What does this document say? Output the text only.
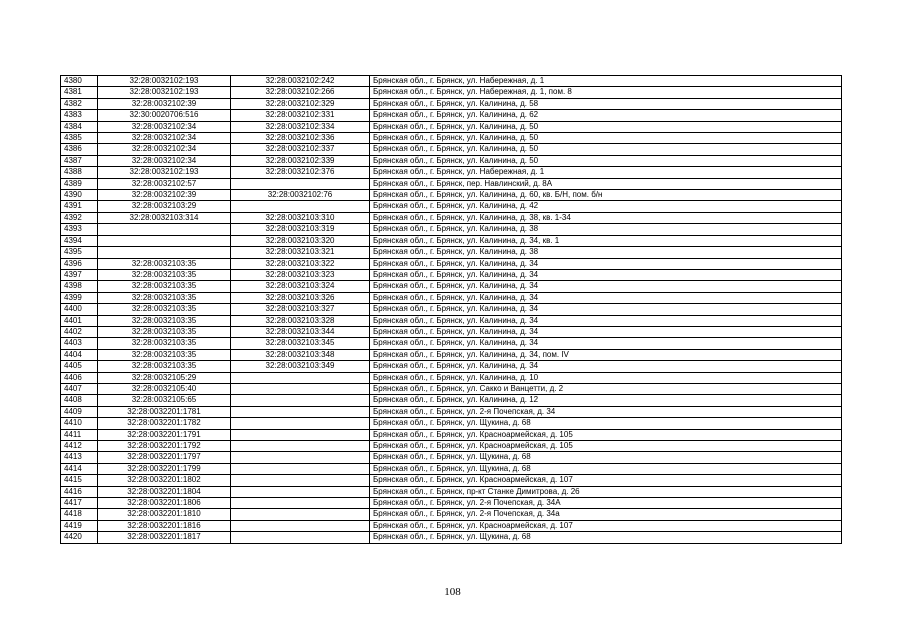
4380	32:28:0032102:193	32:28:0032102:242	Брянская обл., г. Брянск, ул. Набережная, д. 1
4381	32:28:0032102:193	32:28:0032102:266	Брянская обл., г. Брянск, ул. Набережная, д. 1, пом. 8
4382	32:28:0032102:39	32:28:0032102:329	Брянская обл., г. Брянск, ул. Калинина, д. 58
4383	32:30:0020706:516	32:28:0032102:331	Брянская обл., г. Брянск, ул. Калинина, д. 62
4384	32:28:0032102:34	32:28:0032102:334	Брянская обл., г. Брянск, ул. Калинина, д. 50
4385	32:28:0032102:34	32:28:0032102:336	Брянская обл., г. Брянск, ул. Калинина, д. 50
4386	32:28:0032102:34	32:28:0032102:337	Брянская обл., г. Брянск, ул. Калинина, д. 50
4387	32:28:0032102:34	32:28:0032102:339	Брянская обл., г. Брянск, ул. Калинина, д. 50
4388	32:28:0032102:193	32:28:0032102:376	Брянская обл., г. Брянск, ул. Набережная, д. 1
4389	32:28:0032102:57		Брянская обл., г. Брянск, пер. Навлинский, д. 8А
4390	32:28:0032102:39	32:28:0032102:76	Брянская обл., г. Брянск, ул. Калинина, д. 60, кв. Б/Н, пом. б/н
4391	32:28:0032103:29		Брянская обл., г. Брянск, ул. Калинина, д. 42
4392	32:28:0032103:314	32:28:0032103:310	Брянская обл., г. Брянск, ул. Калинина, д. 38, кв. 1-34
4393		32:28:0032103:319	Брянская обл., г. Брянск, ул. Калинина, д. 38
4394		32:28:0032103:320	Брянская обл., г. Брянск, ул. Калинина, д. 34, кв. 1
4395		32:28:0032103:321	Брянская обл., г. Брянск, ул. Калинина, д. 38
4396	32:28:0032103:35	32:28:0032103:322	Брянская обл., г. Брянск, ул. Калинина, д. 34
4397	32:28:0032103:35	32:28:0032103:323	Брянская обл., г. Брянск, ул. Калинина, д. 34
4398	32:28:0032103:35	32:28:0032103:324	Брянская обл., г. Брянск, ул. Калинина, д. 34
4399	32:28:0032103:35	32:28:0032103:326	Брянская обл., г. Брянск, ул. Калинина, д. 34
4400	32:28:0032103:35	32:28:0032103:327	Брянская обл., г. Брянск, ул. Калинина, д. 34
4401	32:28:0032103:35	32:28:0032103:328	Брянская обл., г. Брянск, ул. Калинина, д. 34
4402	32:28:0032103:35	32:28:0032103:344	Брянская обл., г. Брянск, ул. Калинина, д. 34
4403	32:28:0032103:35	32:28:0032103:345	Брянская обл., г. Брянск, ул. Калинина, д. 34
4404	32:28:0032103:35	32:28:0032103:348	Брянская обл., г. Брянск, ул. Калинина, д. 34, пом. IV
4405	32:28:0032103:35	32:28:0032103:349	Брянская обл., г. Брянск, ул. Калинина, д. 34
4406	32:28:0032105:29		Брянская обл., г. Брянск, ул. Калинина, д. 10
4407	32:28:0032105:40		Брянская обл., г. Брянск, ул. Сакко и Ванцетти, д. 2
4408	32:28:0032105:65		Брянская обл., г. Брянск, ул. Калинина, д. 12
4409	32:28:0032201:1781		Брянская обл., г. Брянск, ул. 2-я Почепская, д. 34
4410	32:28:0032201:1782		Брянская обл., г. Брянск, ул. Щукина, д. 68
4411	32:28:0032201:1791		Брянская обл., г. Брянск, ул. Красноармейская, д. 105
4412	32:28:0032201:1792		Брянская обл., г. Брянск, ул. Красноармейская, д. 105
4413	32:28:0032201:1797		Брянская обл., г. Брянск, ул. Щукина, д. 68
4414	32:28:0032201:1799		Брянская обл., г. Брянск, ул. Щукина, д. 68
4415	32:28:0032201:1802		Брянская обл., г. Брянск, ул. Красноармейская, д. 107
4416	32:28:0032201:1804		Брянская обл., г. Брянск, пр-кт Станке Димитрова, д. 26
4417	32:28:0032201:1806		Брянская обл., г. Брянск, ул. 2-я Почепская, д. 34А
4418	32:28:0032201:1810		Брянская обл., г. Брянск, ул. 2-я Почепская, д. 34а
4419	32:28:0032201:1816		Брянская обл., г. Брянск, ул. Красноармейская, д. 107
4420	32:28:0032201:1817		Брянская обл., г. Брянск, ул. Щукина, д. 68
108
